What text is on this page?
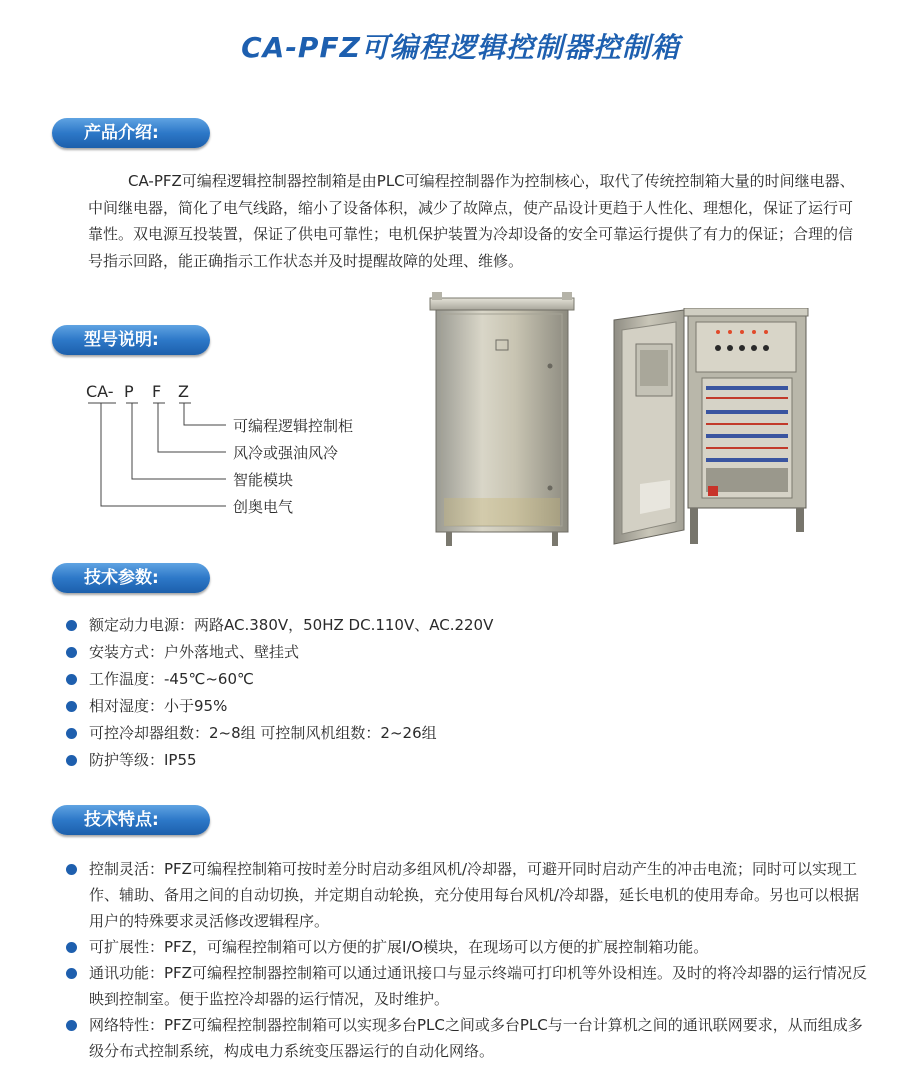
CA-PFZ可编程逻辑控制器控制箱
产品介绍:
CA-PFZ可编程逻辑控制器控制箱是由PLC可编程控制器作为控制核心，取代了传统控制箱大量的时间继电器、中间继电器，简化了电气线路，缩小了设备体积，减少了故障点，使产品设计更趋于人性化、理想化，保证了运行可靠性。双电源互投装置，保证了供电可靠性；电机保护装置为冷却设备的安全可靠运行提供了有力的保证；合理的信号指示回路，能正确指示工作状态并及时提醒故障的处理、维修。
型号说明:
CA- P F Z
可编程逻辑控制柜
风冷或强油风冷
智能模块
创奥电气
技术参数:
额定动力电源：两路AC.380V，50HZ DC.110V、AC.220V
安装方式：户外落地式、壁挂式
工作温度：-45℃~60℃
相对湿度：小于95%
可控冷却器组数：2~8组 可控制风机组数：2~26组
防护等级：IP55
技术特点:
控制灵活：PFZ可编程控制箱可按时差分时启动多组风机/冷却器，可避开同时启动产生的冲击电流；同时可以实现工作、辅助、备用之间的自动切换，并定期自动轮换，充分使用每台风机/冷却器，延长电机的使用寿命。另也可以根据用户的特殊要求灵活修改逻辑程序。
可扩展性：PFZ，可编程控制箱可以方便的扩展I/O模块，在现场可以方便的扩展控制箱功能。
通讯功能：PFZ可编程控制器控制箱可以通过通讯接口与显示终端可打印机等外设相连。及时的将冷却器的运行情况反映到控制室。便于监控冷却器的运行情况，及时维护。
网络特性：PFZ可编程控制器控制箱可以实现多台PLC之间或多台PLC与一台计算机之间的通讯联网要求，从而组成多级分布式控制系统，构成电力系统变压器运行的自动化网络。
